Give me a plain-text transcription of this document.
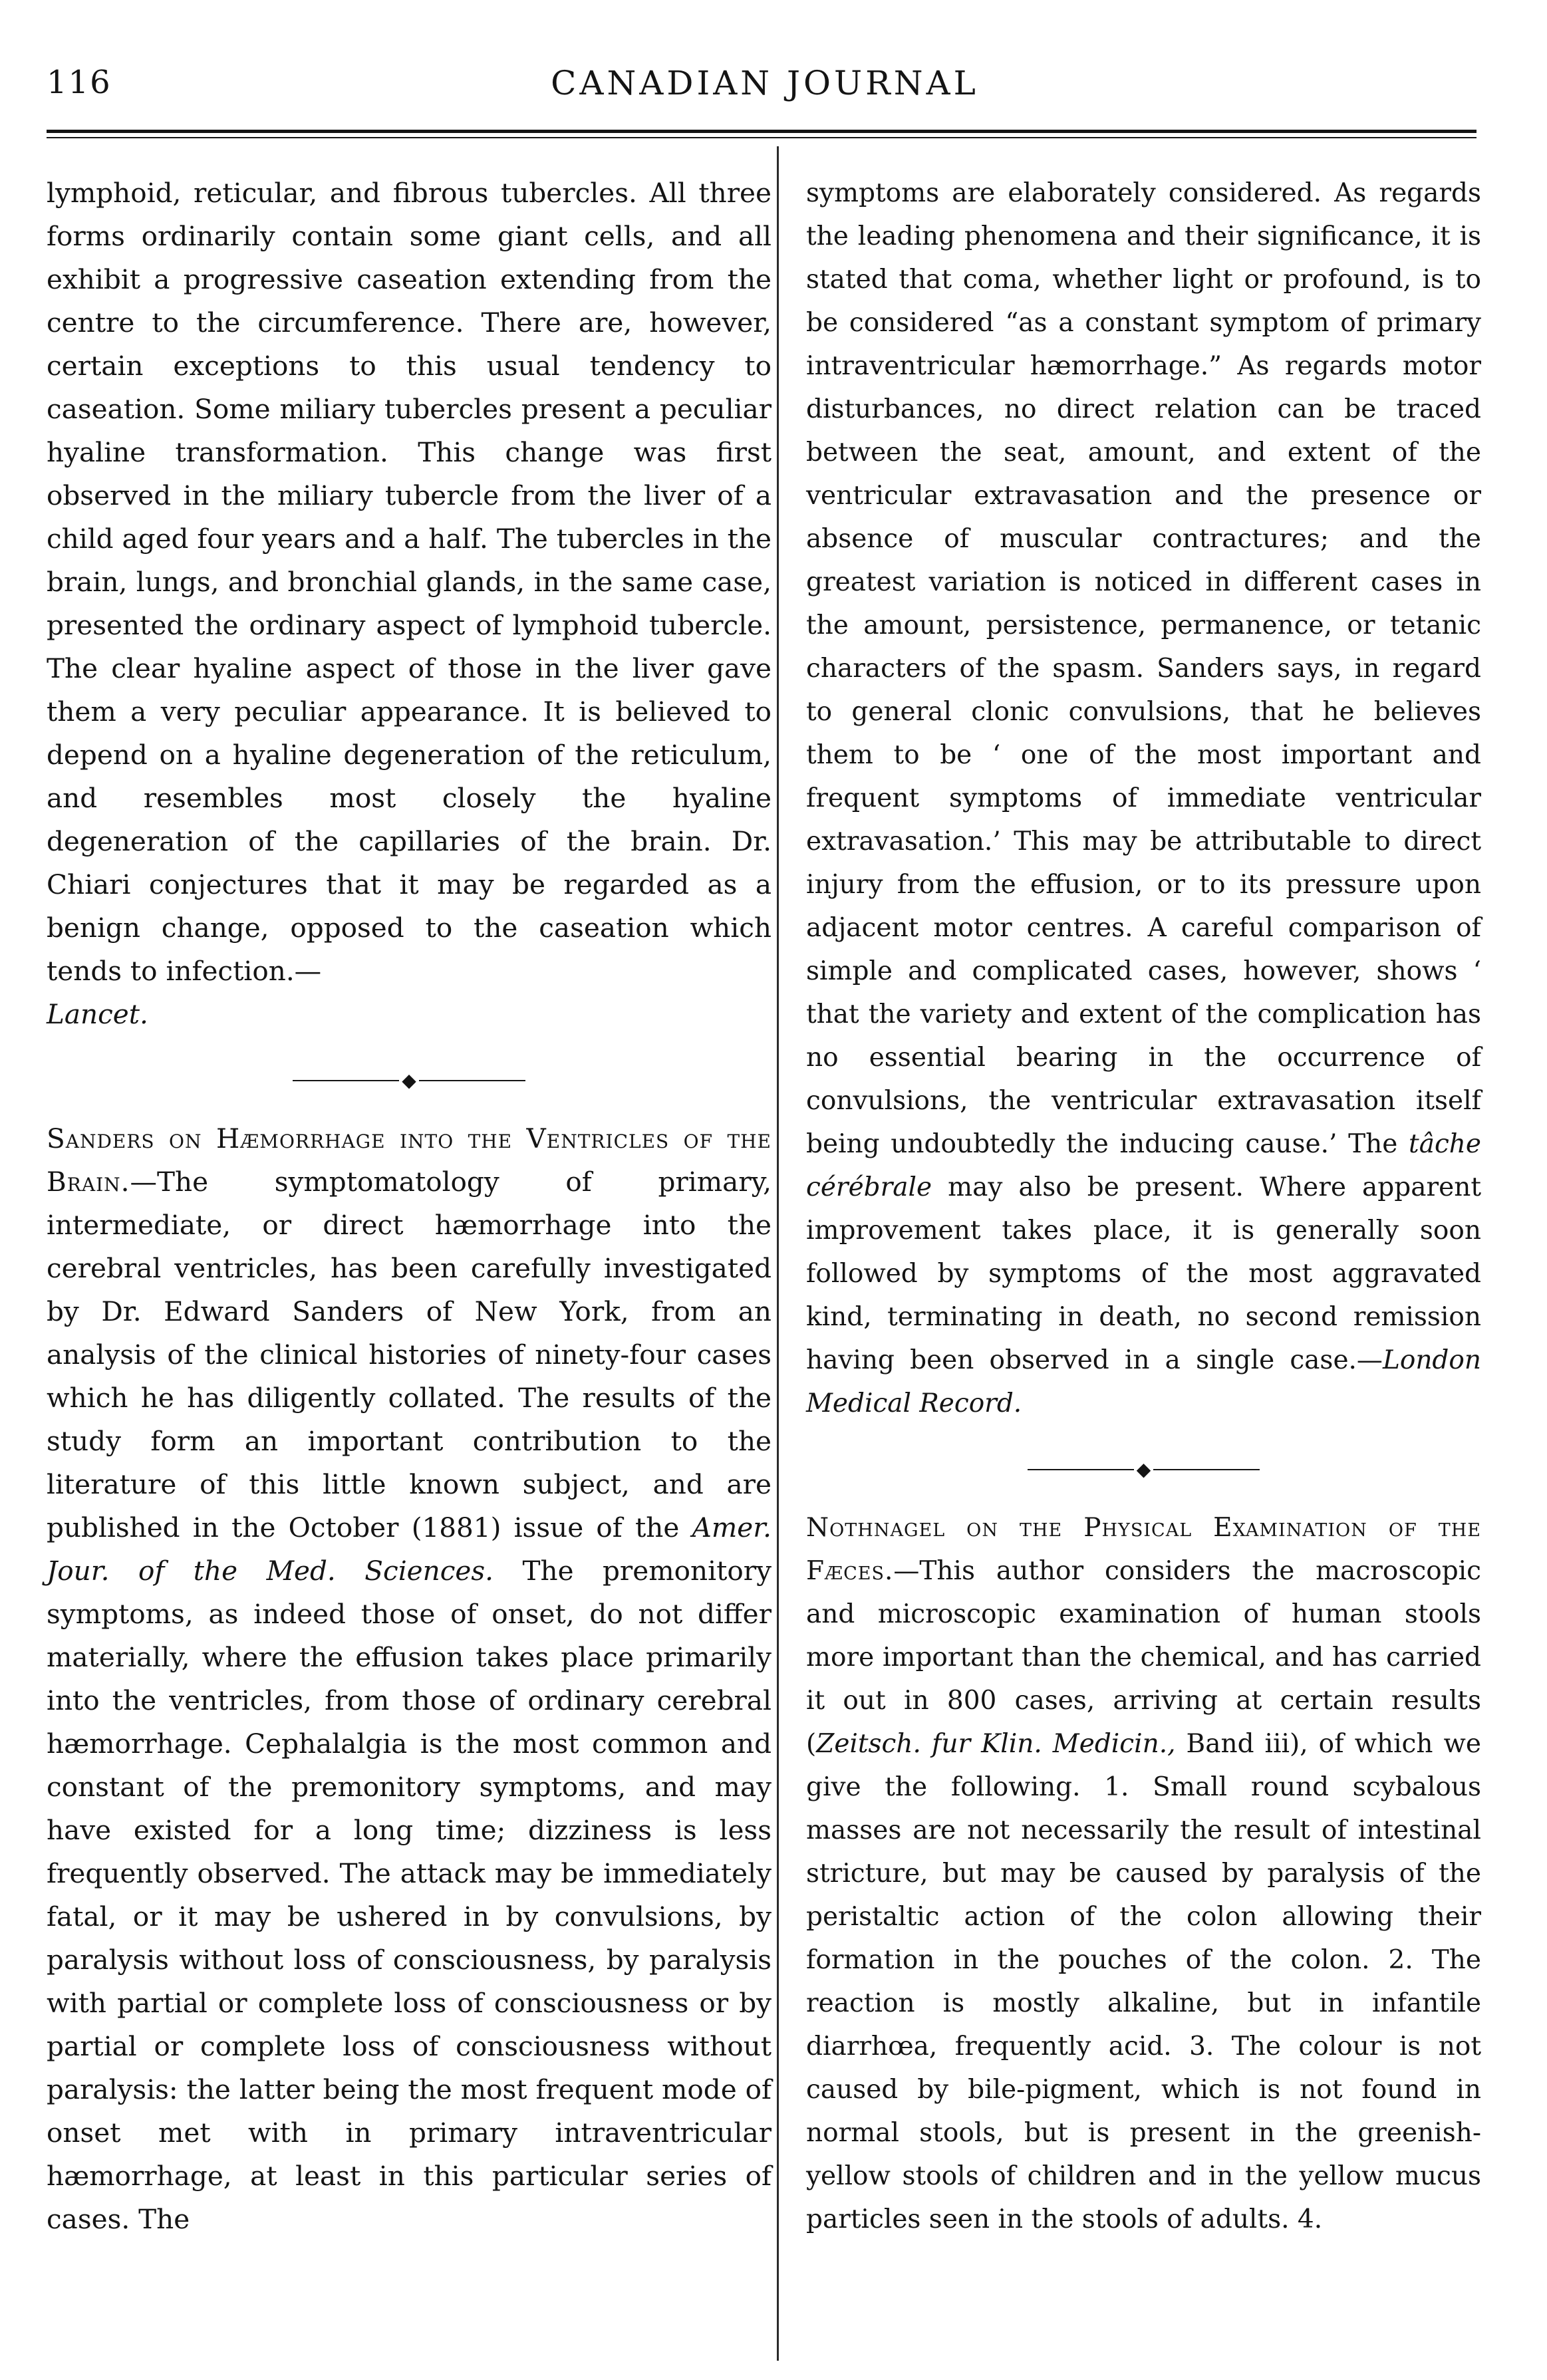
CANADIAN JOURNAL
116

lymphoid, reticular, and fibrous tubercles. All three forms ordinarily contain some giant cells, and all exhibit a progressive caseation extending from the centre to the circumference. There are, however, certain exceptions to this usual tendency to caseation. Some miliary tubercles present a peculiar hyaline transformation. This change was first observed in the miliary tubercle from the liver of a child aged four years and a half. The tubercles in the brain, lungs, and bronchial glands, in the same case, presented the ordinary aspect of lymphoid tubercle. The clear hyaline aspect of those in the liver gave them a very peculiar appearance. It is believed to depend on a hyaline degeneration of the reticulum, and resembles most closely the hyaline degeneration of the capillaries of the brain. Dr. Chiari conjectures that it may be regarded as a benign change, opposed to the caseation which tends to infection.—
Lancet.

◆

Sanders on Hæmorrhage into the Ventricles of the Brain.—The symptomatology of primary, intermediate, or direct hæmorrhage into the cerebral ventricles, has been carefully investigated by Dr. Edward Sanders of New York, from an analysis of the clinical histories of ninety-four cases which he has diligently collated. The results of the study form an important contribution to the literature of this little known subject, and are published in the October (1881) issue of the Amer. Jour. of the Med. Sciences. The premonitory symptoms, as indeed those of onset, do not differ materially, where the effusion takes place primarily into the ventricles, from those of ordinary cerebral hæmorrhage. Cephalalgia is the most common and constant of the premonitory symptoms, and may have existed for a long time; dizziness is less frequently observed. The attack may be immediately fatal, or it may be ushered in by convulsions, by paralysis without loss of consciousness, by paralysis with partial or complete loss of consciousness or by partial or complete loss of consciousness without paralysis: the latter being the most frequent mode of onset met with in primary intraventricular hæmorrhage, at least in this particular series of cases. The

symptoms are elaborately considered. As regards the leading phenomena and their significance, it is stated that coma, whether light or profound, is to be considered “as a constant symptom of primary intraventricular hæmorrhage.” As regards motor disturbances, no direct relation can be traced between the seat, amount, and extent of the ventricular extravasation and the presence or absence of muscular contractures; and the greatest variation is noticed in different cases in the amount, persistence, permanence, or tetanic characters of the spasm. Sanders says, in regard to general clonic convulsions, that he believes them to be ‘ one of the most important and frequent symptoms of immediate ventricular extravasation.’ This may be attributable to direct injury from the effusion, or to its pressure upon adjacent motor centres. A careful comparison of simple and complicated cases, however, shows ‘ that the variety and extent of the complication has no essential bearing in the occurrence of convulsions, the ventricular extravasation itself being undoubtedly the inducing cause.’ The tâche cérébrale may also be present. Where apparent improvement takes place, it is generally soon followed by symptoms of the most aggravated kind, terminating in death, no second remission having been observed in a single case.—London Medical Record.

◆

Nothnagel on the Physical Examination of the Fæces.—This author considers the macroscopic and microscopic examination of human stools more important than the chemical, and has carried it out in 800 cases, arriving at certain results (Zeitsch. fur Klin. Medicin., Band iii), of which we give the following. 1. Small round scybalous masses are not necessarily the result of intestinal stricture, but may be caused by paralysis of the peristaltic action of the colon allowing their formation in the pouches of the colon. 2. The reaction is mostly alkaline, but in infantile diarrhœa, frequently acid. 3. The colour is not caused by bile-pigment, which is not found in normal stools, but is present in the greenish-yellow stools of children and in the yellow mucus particles seen in the stools of adults. 4.
